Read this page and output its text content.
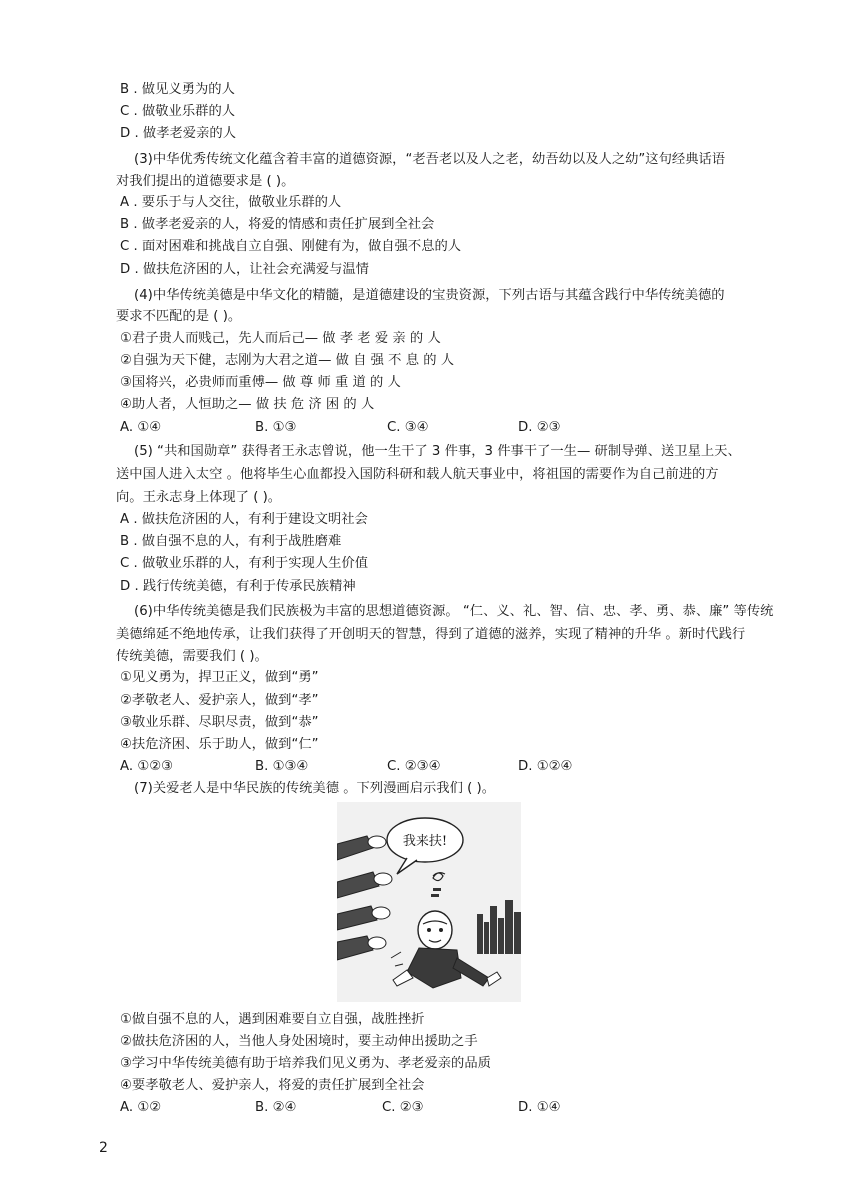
B . 做见义勇为的人
C . 做敬业乐群的人
D . 做孝老爱亲的人
(3)中华优秀传统文化蕴含着丰富的道德资源，“老吾老以及人之老，幼吾幼以及人之幼”这句经典话语
对我们提出的道德要求是 ( )。
A . 要乐于与人交往，做敬业乐群的人
B . 做孝老爱亲的人，将爱的情感和责任扩展到全社会
C . 面对困难和挑战自立自强、刚健有为，做自强不息的人
D . 做扶危济困的人，让社会充满爱与温情
(4)中华传统美德是中华文化的精髓，是道德建设的宝贵资源，下列古语与其蕴含践行中华传统美德的
要求不匹配的是 ( )。
①君子贵人而贱己，先人而后己— 做 孝 老 爱 亲 的 人
②自强为天下健，志刚为大君之道— 做 自 强 不 息 的 人
③国将兴，必贵师而重傅— 做 尊 师 重 道 的 人
④助人者，人恒助之— 做 扶 危 济 困 的 人
A. ①④	B. ①③	C. ③④	D. ②③
(5) “共和国勋章” 获得者王永志曾说，他一生干了 3 件事，3 件事干了一生— 研制导弹、送卫星上天、
送中国人进入太空 。他将毕生心血都投入国防科研和载人航天事业中，将祖国的需要作为自己前进的方
向。王永志身上体现了 ( )。
A . 做扶危济困的人，有利于建设文明社会
B . 做自强不息的人，有利于战胜磨难
C . 做敬业乐群的人，有利于实现人生价值
D . 践行传统美德，有利于传承民族精神
(6)中华传统美德是我们民族极为丰富的思想道德资源。 “仁、义、礼、智、信、忠、孝、勇、恭、廉” 等传统
美德绵延不绝地传承，让我们获得了开创明天的智慧，得到了道德的滋养，实现了精神的升华 。新时代践行
传统美德，需要我们 ( )。
①见义勇为，捍卫正义，做到“勇”
②孝敬老人、爱护亲人，做到“孝”
③敬业乐群、尽职尽责，做到“恭”
④扶危济困、乐于助人，做到“仁”
A. ①②③	B. ①③④	C. ②③④	D. ①②④
(7)关爱老人是中华民族的传统美德 。下列漫画启示我们 ( )。
我来扶!
①做自强不息的人，遇到困难要自立自强，战胜挫折
②做扶危济困的人，当他人身处困境时，要主动伸出援助之手
③学习中华传统美德有助于培养我们见义勇为、孝老爱亲的品质
④要孝敬老人、爱护亲人，将爱的责任扩展到全社会
A. ①②	B. ②④	C. ②③	D. ①④
2
